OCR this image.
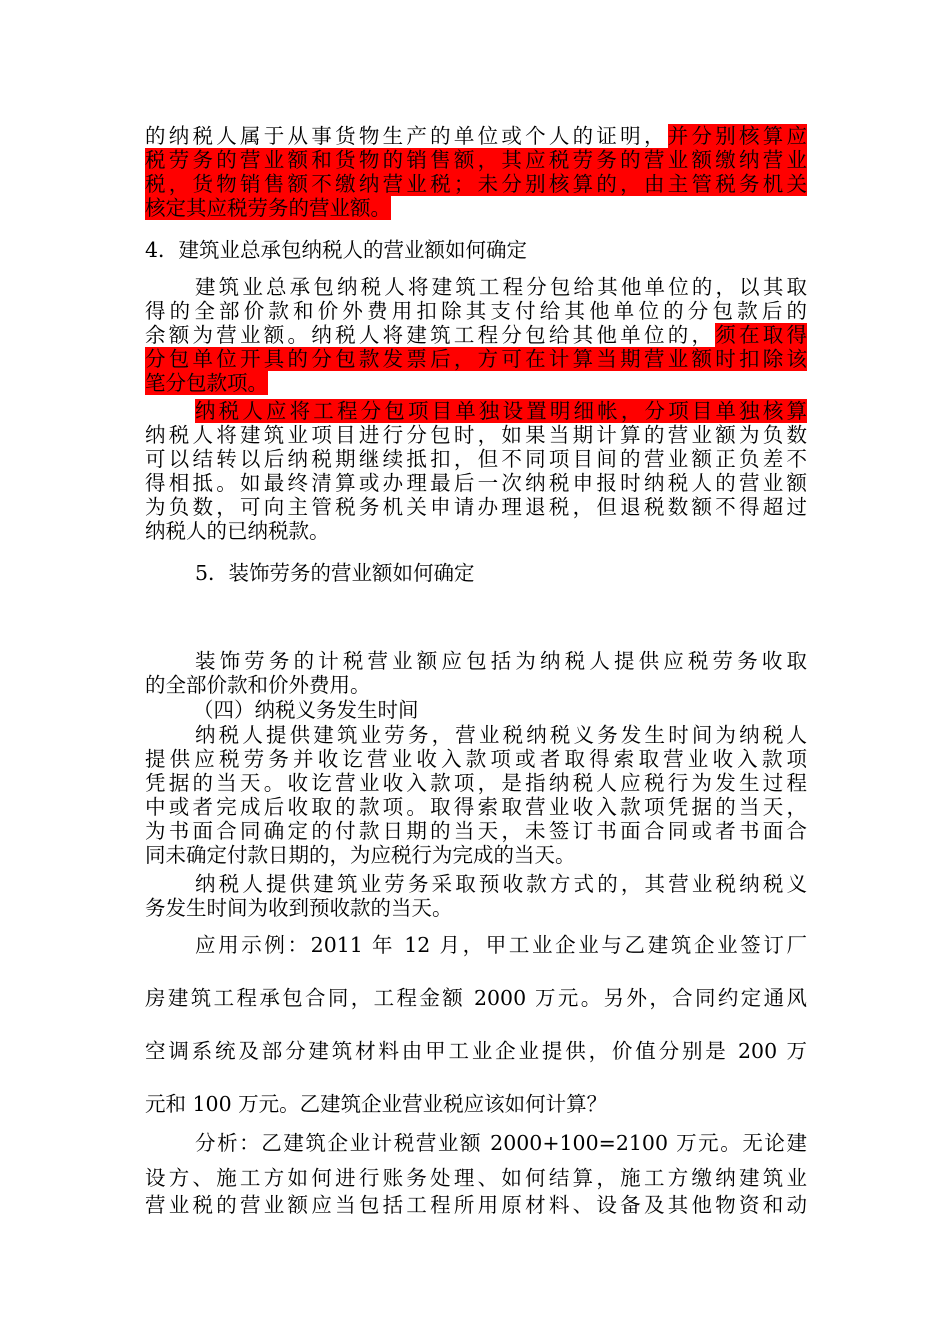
的纳税人属于从事货物生产的单位或个人的证明，并分别核算应
税劳务的营业额和货物的销售额，其应税劳务的营业额缴纳营业
税，货物销售额不缴纳营业税；未分别核算的，由主管税务机关
核定其应税劳务的营业额。
4．建筑业总承包纳税人的营业额如何确定
建筑业总承包纳税人将建筑工程分包给其他单位的，以其取
得的全部价款和价外费用扣除其支付给其他单位的分包款后的
余额为营业额。纳税人将建筑工程分包给其他单位的，须在取得
分包单位开具的分包款发票后，方可在计算当期营业额时扣除该
笔分包款项。
纳税人应将工程分包项目单独设置明细帐，分项目单独核算
纳税人将建筑业项目进行分包时，如果当期计算的营业额为负数
可以结转以后纳税期继续抵扣，但不同项目间的营业额正负差不
得相抵。如最终清算或办理最后一次纳税申报时纳税人的营业额
为负数，可向主管税务机关申请办理退税，但退税数额不得超过
纳税人的已纳税款。
5．装饰劳务的营业额如何确定
装饰劳务的计税营业额应包括为纳税人提供应税劳务收取
的全部价款和价外费用。
（四）纳税义务发生时间
纳税人提供建筑业劳务，营业税纳税义务发生时间为纳税人
提供应税劳务并收讫营业收入款项或者取得索取营业收入款项
凭据的当天。收讫营业收入款项，是指纳税人应税行为发生过程
中或者完成后收取的款项。取得索取营业收入款项凭据的当天，
为书面合同确定的付款日期的当天，未签订书面合同或者书面合
同未确定付款日期的，为应税行为完成的当天。
纳税人提供建筑业劳务采取预收款方式的，其营业税纳税义
务发生时间为收到预收款的当天。
应用示例：2011 年 12 月，甲工业企业与乙建筑企业签订厂
房建筑工程承包合同，工程金额 2000 万元。另外，合同约定通风
空调系统及部分建筑材料由甲工业企业提供，价值分别是 200 万
元和 100 万元。乙建筑企业营业税应该如何计算？
分析：乙建筑企业计税营业额 2000+100=2100 万元。无论建
设方、施工方如何进行账务处理、如何结算，施工方缴纳建筑业
营业税的营业额应当包括工程所用原材料、设备及其他物资和动
